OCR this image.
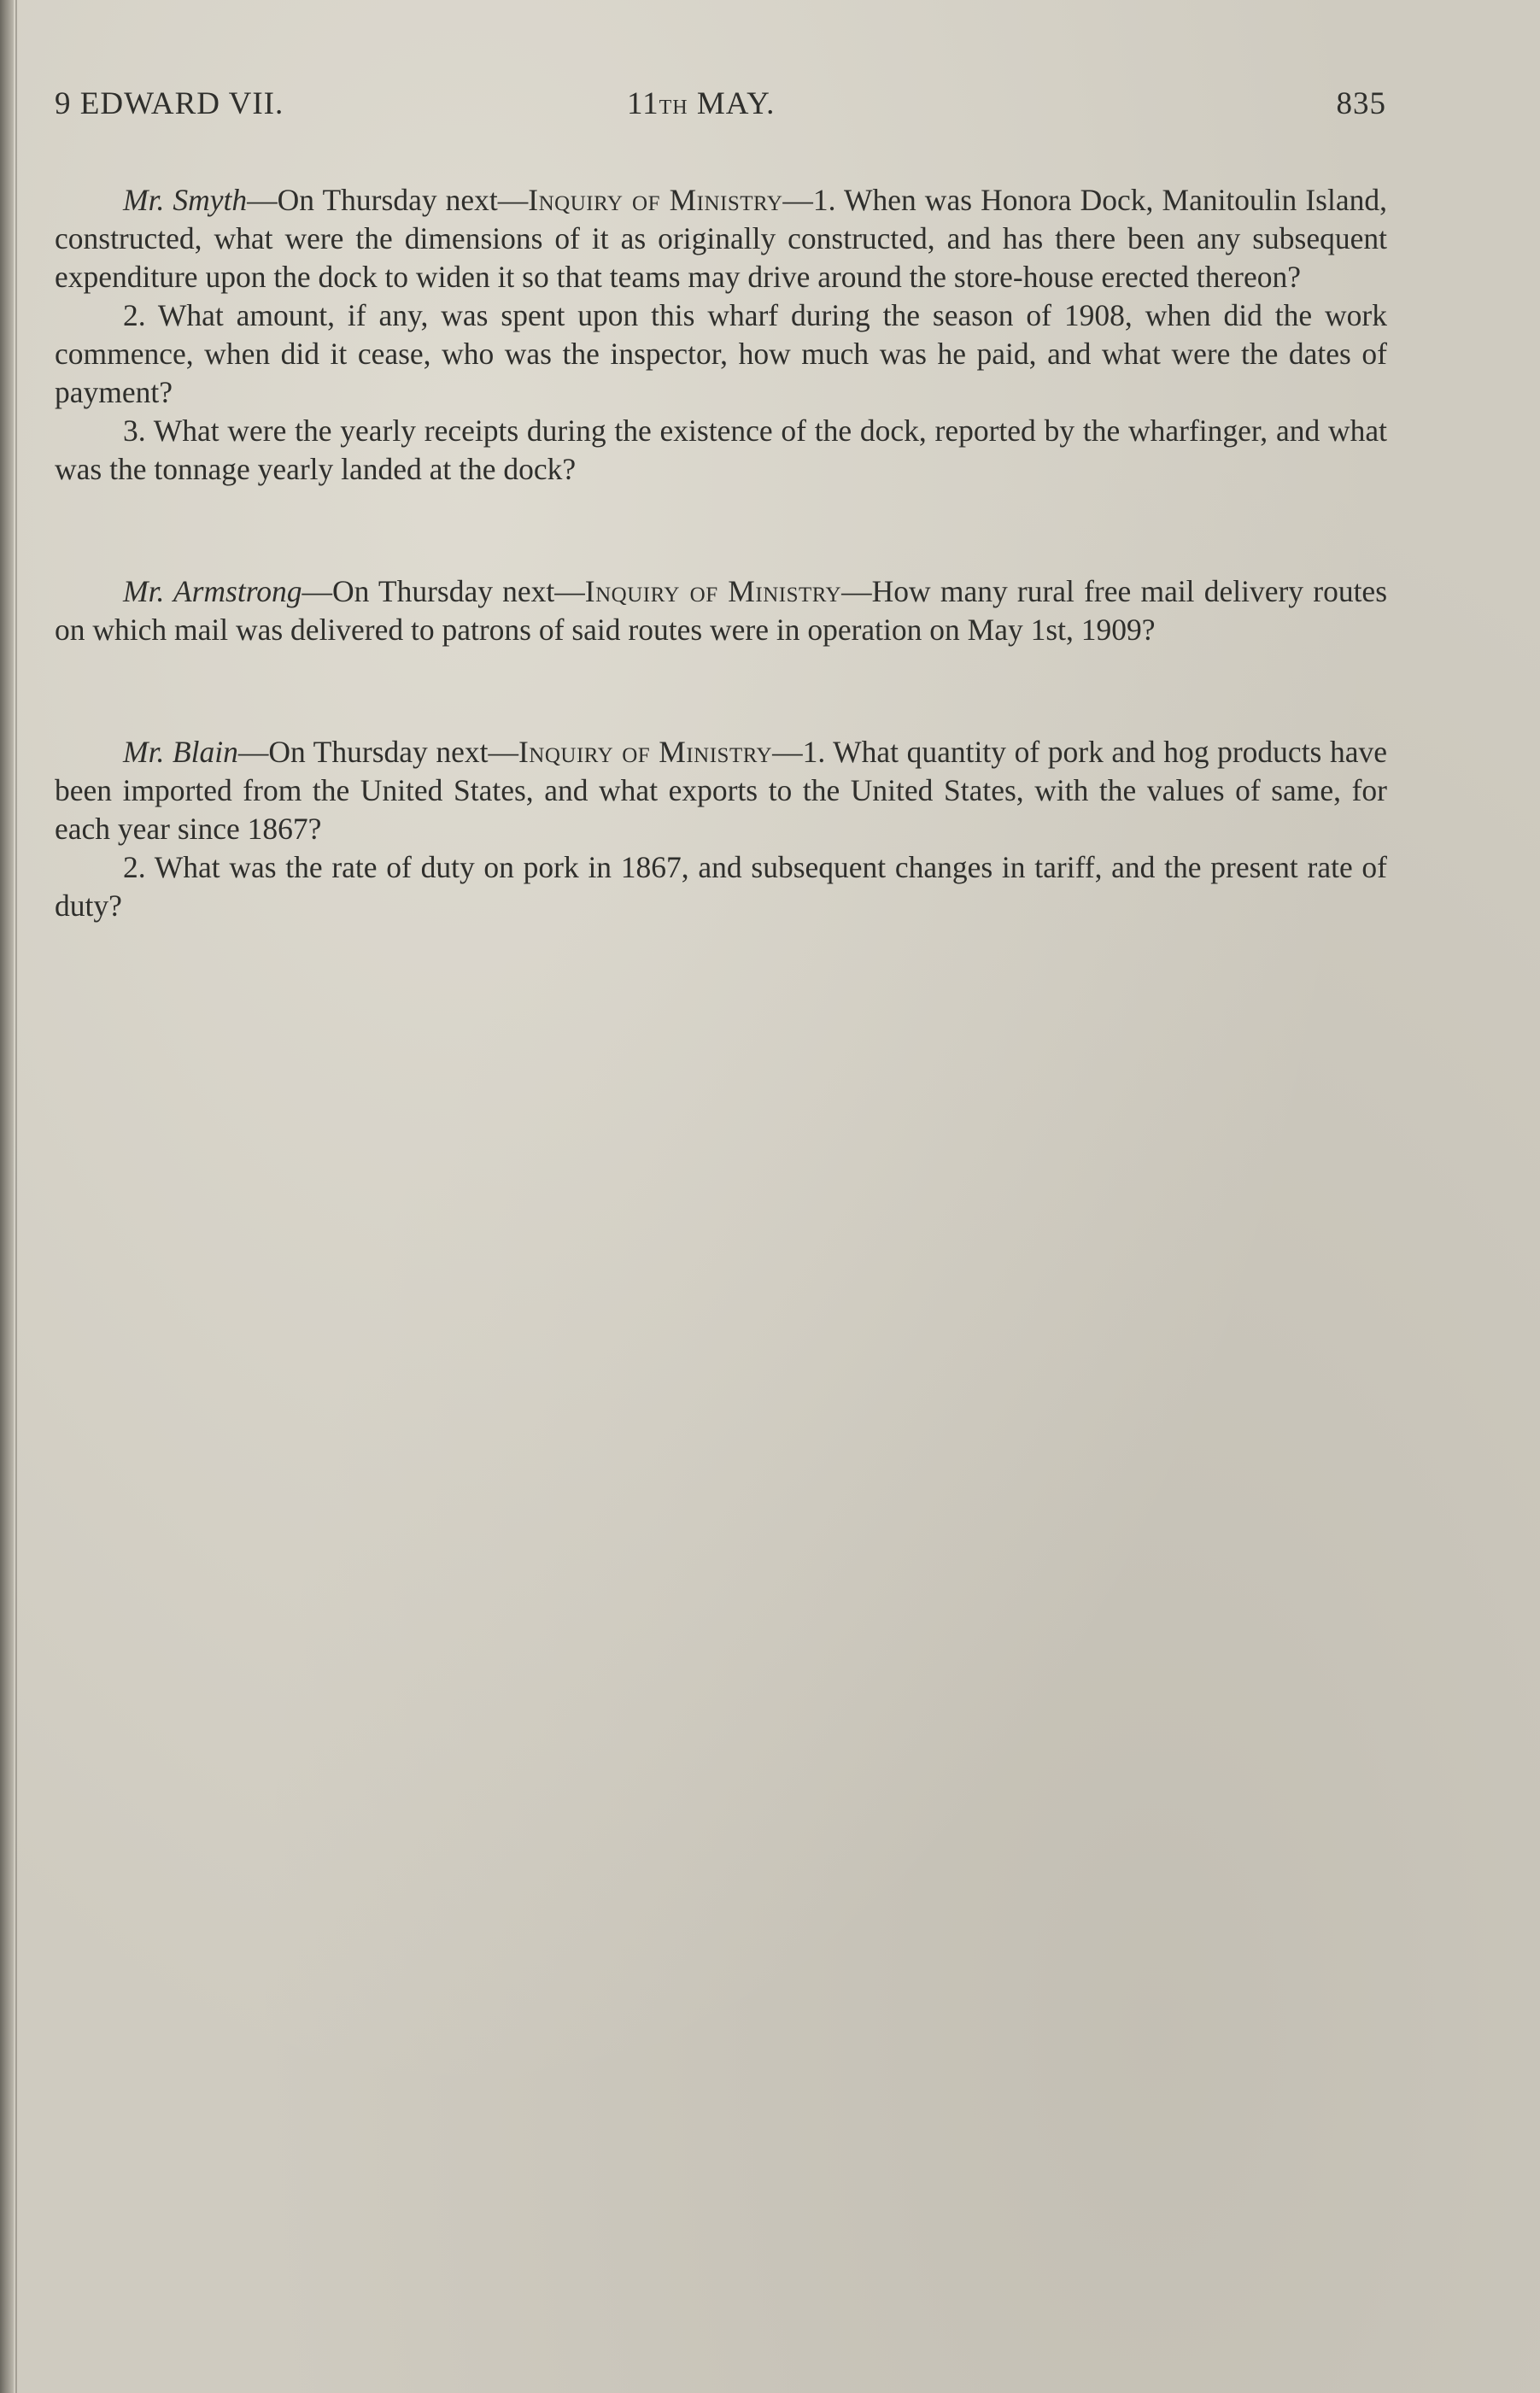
9 EDWARD VII.	11TH MAY.	835

Mr. Smyth—On Thursday next—Inquiry of Ministry—1. When was Honora Dock, Manitoulin Island, constructed, what were the dimensions of it as originally constructed, and has there been any subsequent expenditure upon the dock to widen it so that teams may drive around the store-house erected thereon?

2. What amount, if any, was spent upon this wharf during the season of 1908, when did the work commence, when did it cease, who was the inspector, how much was he paid, and what were the dates of payment?

3. What were the yearly receipts during the existence of the dock, reported by the wharfinger, and what was the tonnage yearly landed at the dock?

Mr. Armstrong—On Thursday next—Inquiry of Ministry—How many rural free mail delivery routes on which mail was delivered to patrons of said routes were in operation on May 1st, 1909?

Mr. Blain—On Thursday next—Inquiry of Ministry—1. What quantity of pork and hog products have been imported from the United States, and what exports to the United States, with the values of same, for each year since 1867?

2. What was the rate of duty on pork in 1867, and subsequent changes in tariff, and the present rate of duty?
